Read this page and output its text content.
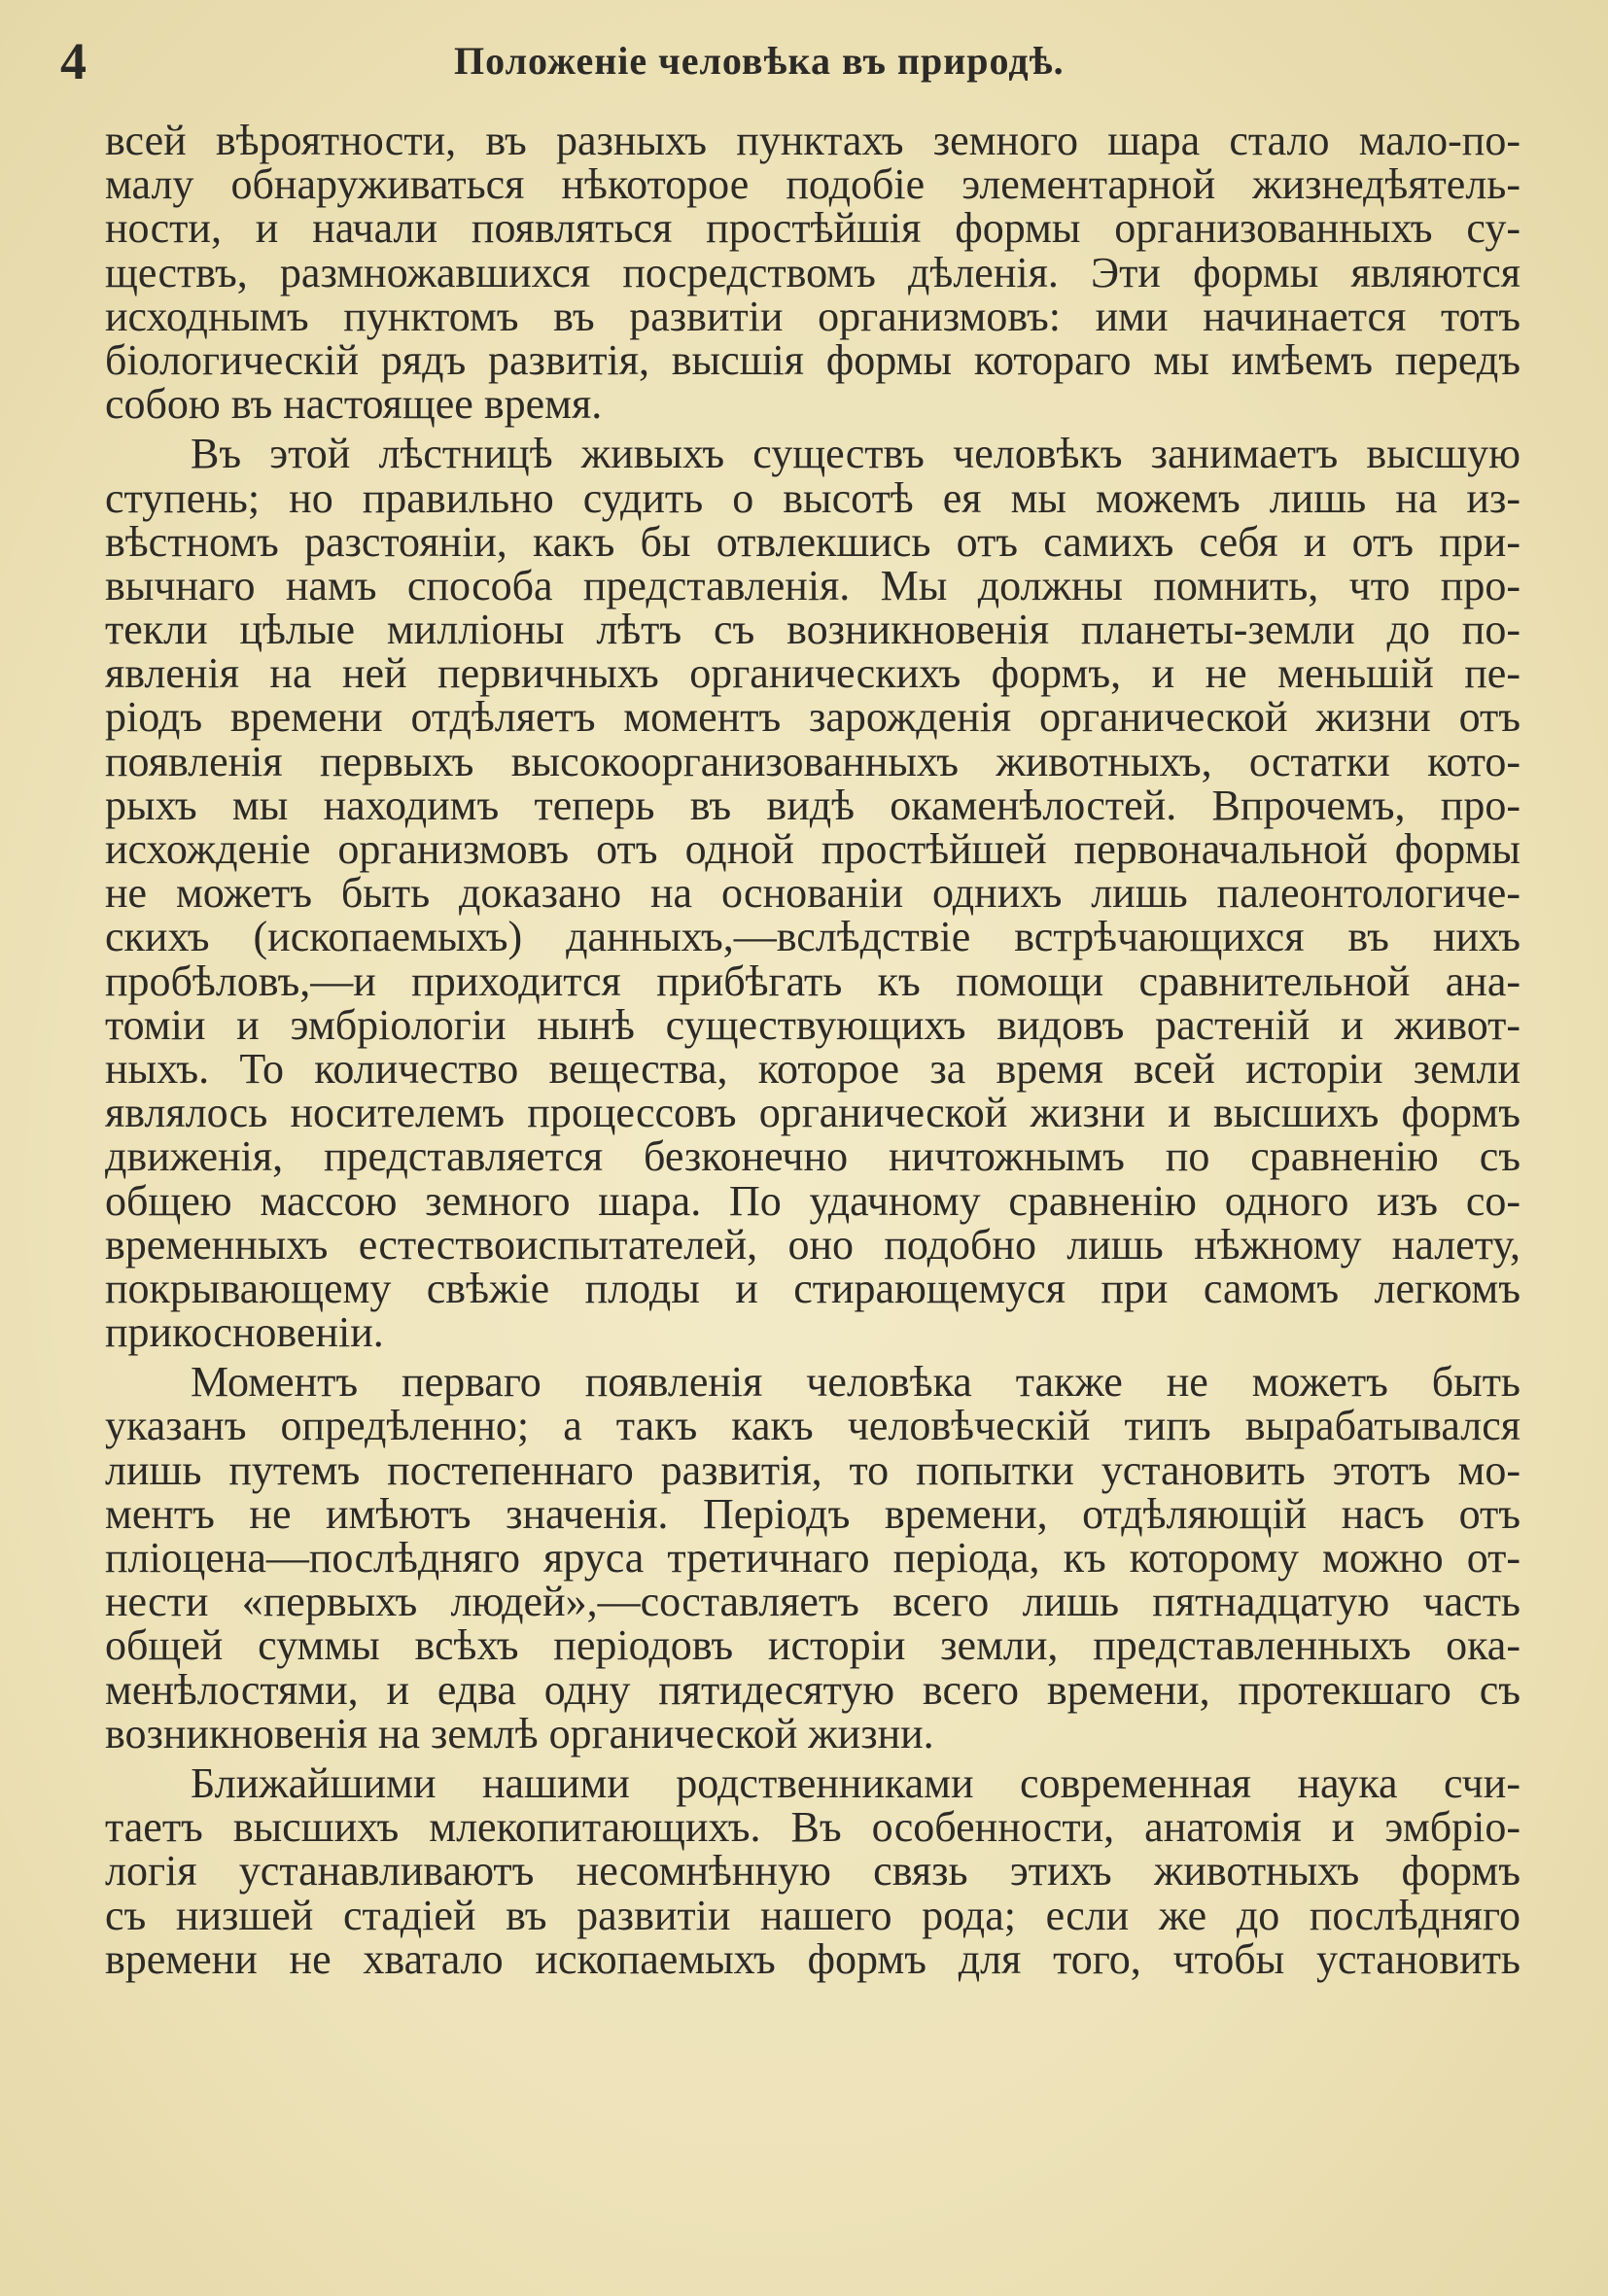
4	Положеніе человѣка въ природѣ.
всей вѣроятности, въ разныхъ пунктахъ земного шара стало мало-по-
малу обнаруживаться нѣкоторое подобіе элементарной жизнедѣятель-
ности, и начали появляться простѣйшія формы организованныхъ су-
ществъ, размножавшихся посредствомъ дѣленія. Эти формы являются
исходнымъ пунктомъ въ развитіи организмовъ: ими начинается тотъ
біологическій рядъ развитія, высшія формы котораго мы имѣемъ передъ
собою въ настоящее время.
Въ этой лѣстницѣ живыхъ существъ человѣкъ занимаетъ высшую
ступень; но правильно судить о высотѣ ея мы можемъ лишь на из-
вѣстномъ разстояніи, какъ бы отвлекшись отъ самихъ себя и отъ при-
вычнаго намъ способа представленія. Мы должны помнить, что про-
текли цѣлые милліоны лѣтъ съ возникновенія планеты-земли до по-
явленія на ней первичныхъ органическихъ формъ, и не меньшій пе-
ріодъ времени отдѣляетъ моментъ зарожденія органической жизни отъ
появленія первыхъ высокоорганизованныхъ животныхъ, остатки кото-
рыхъ мы находимъ теперь въ видѣ окаменѣлостей. Впрочемъ, про-
исхожденіе организмовъ отъ одной простѣйшей первоначальной формы
не можетъ быть доказано на основаніи однихъ лишь палеонтологиче-
скихъ (ископаемыхъ) данныхъ,—вслѣдствіе встрѣчающихся въ нихъ
пробѣловъ,—и приходится прибѣгать къ помощи сравнительной ана-
томіи и эмбріологіи нынѣ существующихъ видовъ растеній и живот-
ныхъ. То количество вещества, которое за время всей исторіи земли
являлось носителемъ процессовъ органической жизни и высшихъ формъ
движенія, представляется безконечно ничтожнымъ по сравненію съ
общею массою земного шара. По удачному сравненію одного изъ со-
временныхъ естествоиспытателей, оно подобно лишь нѣжному налету,
покрывающему свѣжіе плоды и стирающемуся при самомъ легкомъ
прикосновеніи.
Моментъ перваго появленія человѣка также не можетъ быть
указанъ опредѣленно; а такъ какъ человѣческій типъ вырабатывался
лишь путемъ постепеннаго развитія, то попытки установить этотъ мо-
ментъ не имѣютъ значенія. Періодъ времени, отдѣляющій насъ отъ
пліоцена—послѣдняго яруса третичнаго періода, къ которому можно от-
нести «первыхъ людей»,—составляетъ всего лишь пятнадцатую часть
общей суммы всѣхъ періодовъ исторіи земли, представленныхъ ока-
менѣлостями, и едва одну пятидесятую всего времени, протекшаго съ
возникновенія на землѣ органической жизни.
Ближайшими нашими родственниками современная наука счи-
таетъ высшихъ млекопитающихъ. Въ особенности, анатомія и эмбріо-
логія устанавливаютъ несомнѣнную связь этихъ животныхъ формъ
съ низшей стадіей въ развитіи нашего рода; если же до послѣдняго
времени не хватало ископаемыхъ формъ для того, чтобы установить
